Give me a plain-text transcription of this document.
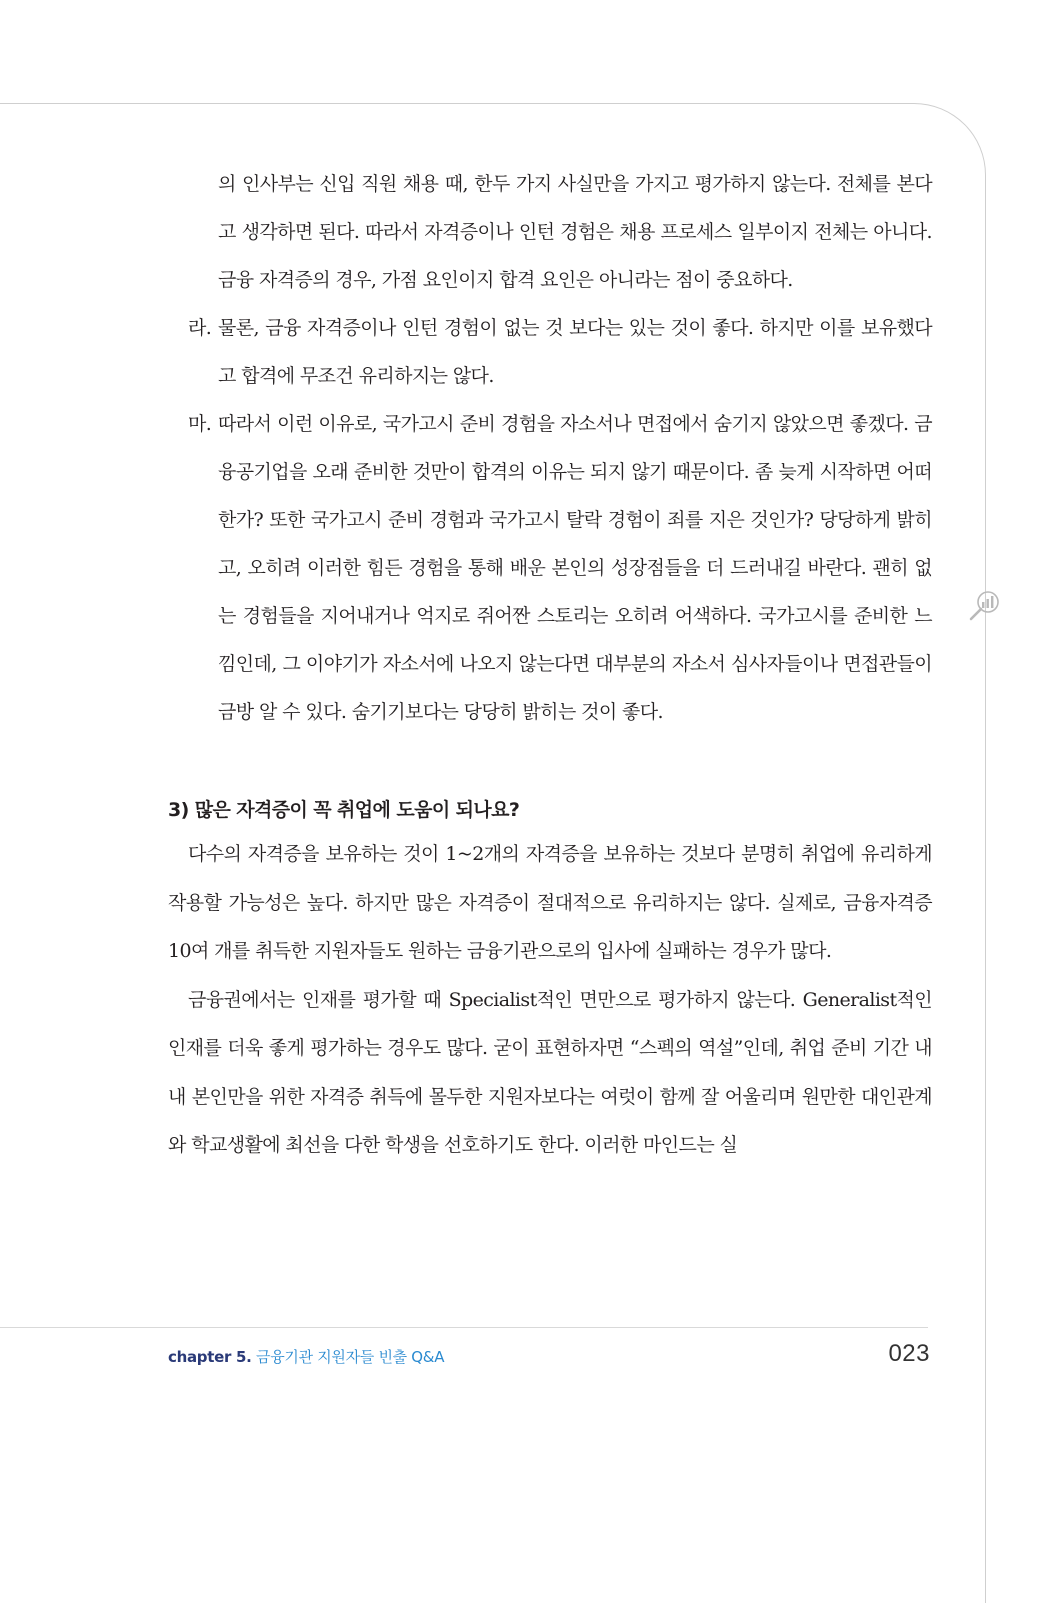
의 인사부는 신입 직원 채용 때, 한두 가지 사실만을 가지고 평가하지 않는다. 전체를 본다고 생각하면 된다. 따라서 자격증이나 인턴 경험은 채용 프로세스 일부이지 전체는 아니다. 금융 자격증의 경우, 가점 요인이지 합격 요인은 아니라는 점이 중요하다.
라. 물론, 금융 자격증이나 인턴 경험이 없는 것 보다는 있는 것이 좋다. 하지만 이를 보유했다고 합격에 무조건 유리하지는 않다.
마. 따라서 이런 이유로, 국가고시 준비 경험을 자소서나 면접에서 숨기지 않았으면 좋겠다. 금융공기업을 오래 준비한 것만이 합격의 이유는 되지 않기 때문이다. 좀 늦게 시작하면 어떠한가? 또한 국가고시 준비 경험과 국가고시 탈락 경험이 죄를 지은 것인가? 당당하게 밝히고, 오히려 이러한 힘든 경험을 통해 배운 본인의 성장점들을 더 드러내길 바란다. 괜히 없는 경험들을 지어내거나 억지로 쥐어짠 스토리는 오히려 어색하다. 국가고시를 준비한 느낌인데, 그 이야기가 자소서에 나오지 않는다면 대부분의 자소서 심사자들이나 면접관들이 금방 알 수 있다. 숨기기보다는 당당히 밝히는 것이 좋다.
3) 많은 자격증이 꼭 취업에 도움이 되나요?

다수의 자격증을 보유하는 것이 1~2개의 자격증을 보유하는 것보다 분명히 취업에 유리하게 작용할 가능성은 높다. 하지만 많은 자격증이 절대적으로 유리하지는 않다. 실제로, 금융자격증 10여 개를 취득한 지원자들도 원하는 금융기관으로의 입사에 실패하는 경우가 많다.

금융권에서는 인재를 평가할 때 Specialist적인 면만으로 평가하지 않는다. Generalist적인 인재를 더욱 좋게 평가하는 경우도 많다. 굳이 표현하자면 “스펙의 역설”인데, 취업 준비 기간 내내 본인만을 위한 자격증 취득에 몰두한 지원자보다는 여럿이 함께 잘 어울리며 원만한 대인관계와 학교생활에 최선을 다한 학생을 선호하기도 한다. 이러한 마인드는 실

chapter 5. 금융기관 지원자들 빈출 Q&A	023
